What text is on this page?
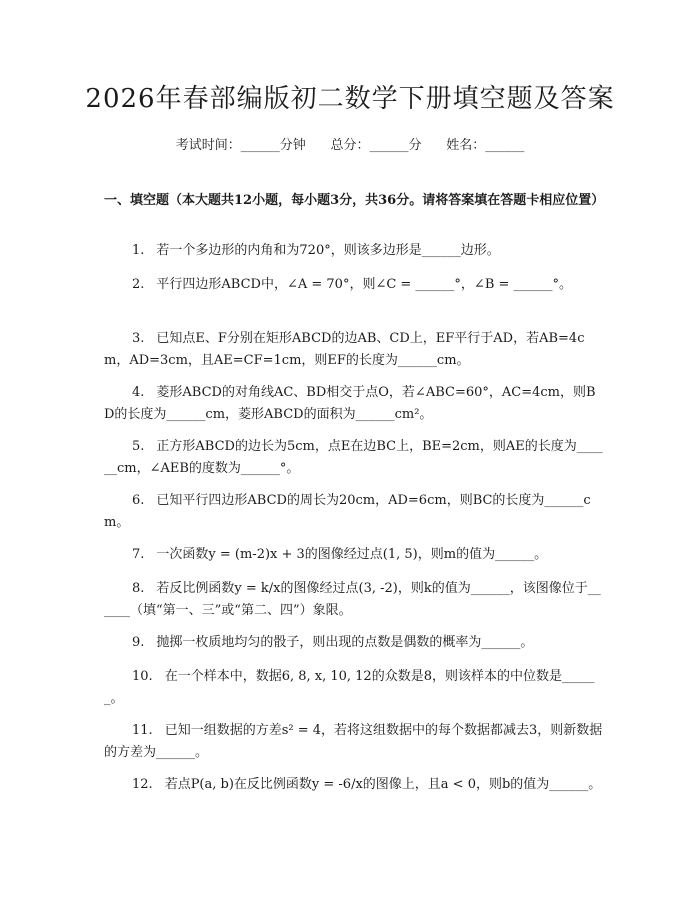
2026年春部编版初二数学下册填空题及答案
考试时间：______分钟      总分：______分      姓名：______

一、填空题（本大题共12小题，每小题3分，共36分。请将答案填在答题卡相应位置）

1. 若一个多边形的内角和为720°，则该多边形是______边形。
2. 平行四边形ABCD中，∠A = 70°，则∠C = ______°，∠B = ______°。
3. 已知点E、F分别在矩形ABCD的边AB、CD上，EF平行于AD，若AB=4cm，AD=3cm，且AE=CF=1cm，则EF的长度为______cm。
4. 菱形ABCD的对角线AC、BD相交于点O，若∠ABC=60°，AC=4cm，则BD的长度为______cm，菱形ABCD的面积为______cm²。
5. 正方形ABCD的边长为5cm，点E在边BC上，BE=2cm，则AE的长度为______cm，∠AEB的度数为______°。
6. 已知平行四边形ABCD的周长为20cm，AD=6cm，则BC的长度为______cm。
7. 一次函数y = (m-2)x + 3的图像经过点(1, 5)，则m的值为______。
8. 若反比例函数y = k/x的图像经过点(3, -2)，则k的值为______，该图像位于______（填“第一、三”或“第二、四”）象限。
9. 抛掷一枚质地均匀的骰子，则出现的点数是偶数的概率为______。
10. 在一个样本中，数据6, 8, x, 10, 12的众数是8，则该样本的中位数是______。
11. 已知一组数据的方差s² = 4，若将这组数据中的每个数据都减去3，则新数据的方差为______。
12. 若点P(a, b)在反比例函数y = -6/x的图像上，且a < 0，则b的值为______。
